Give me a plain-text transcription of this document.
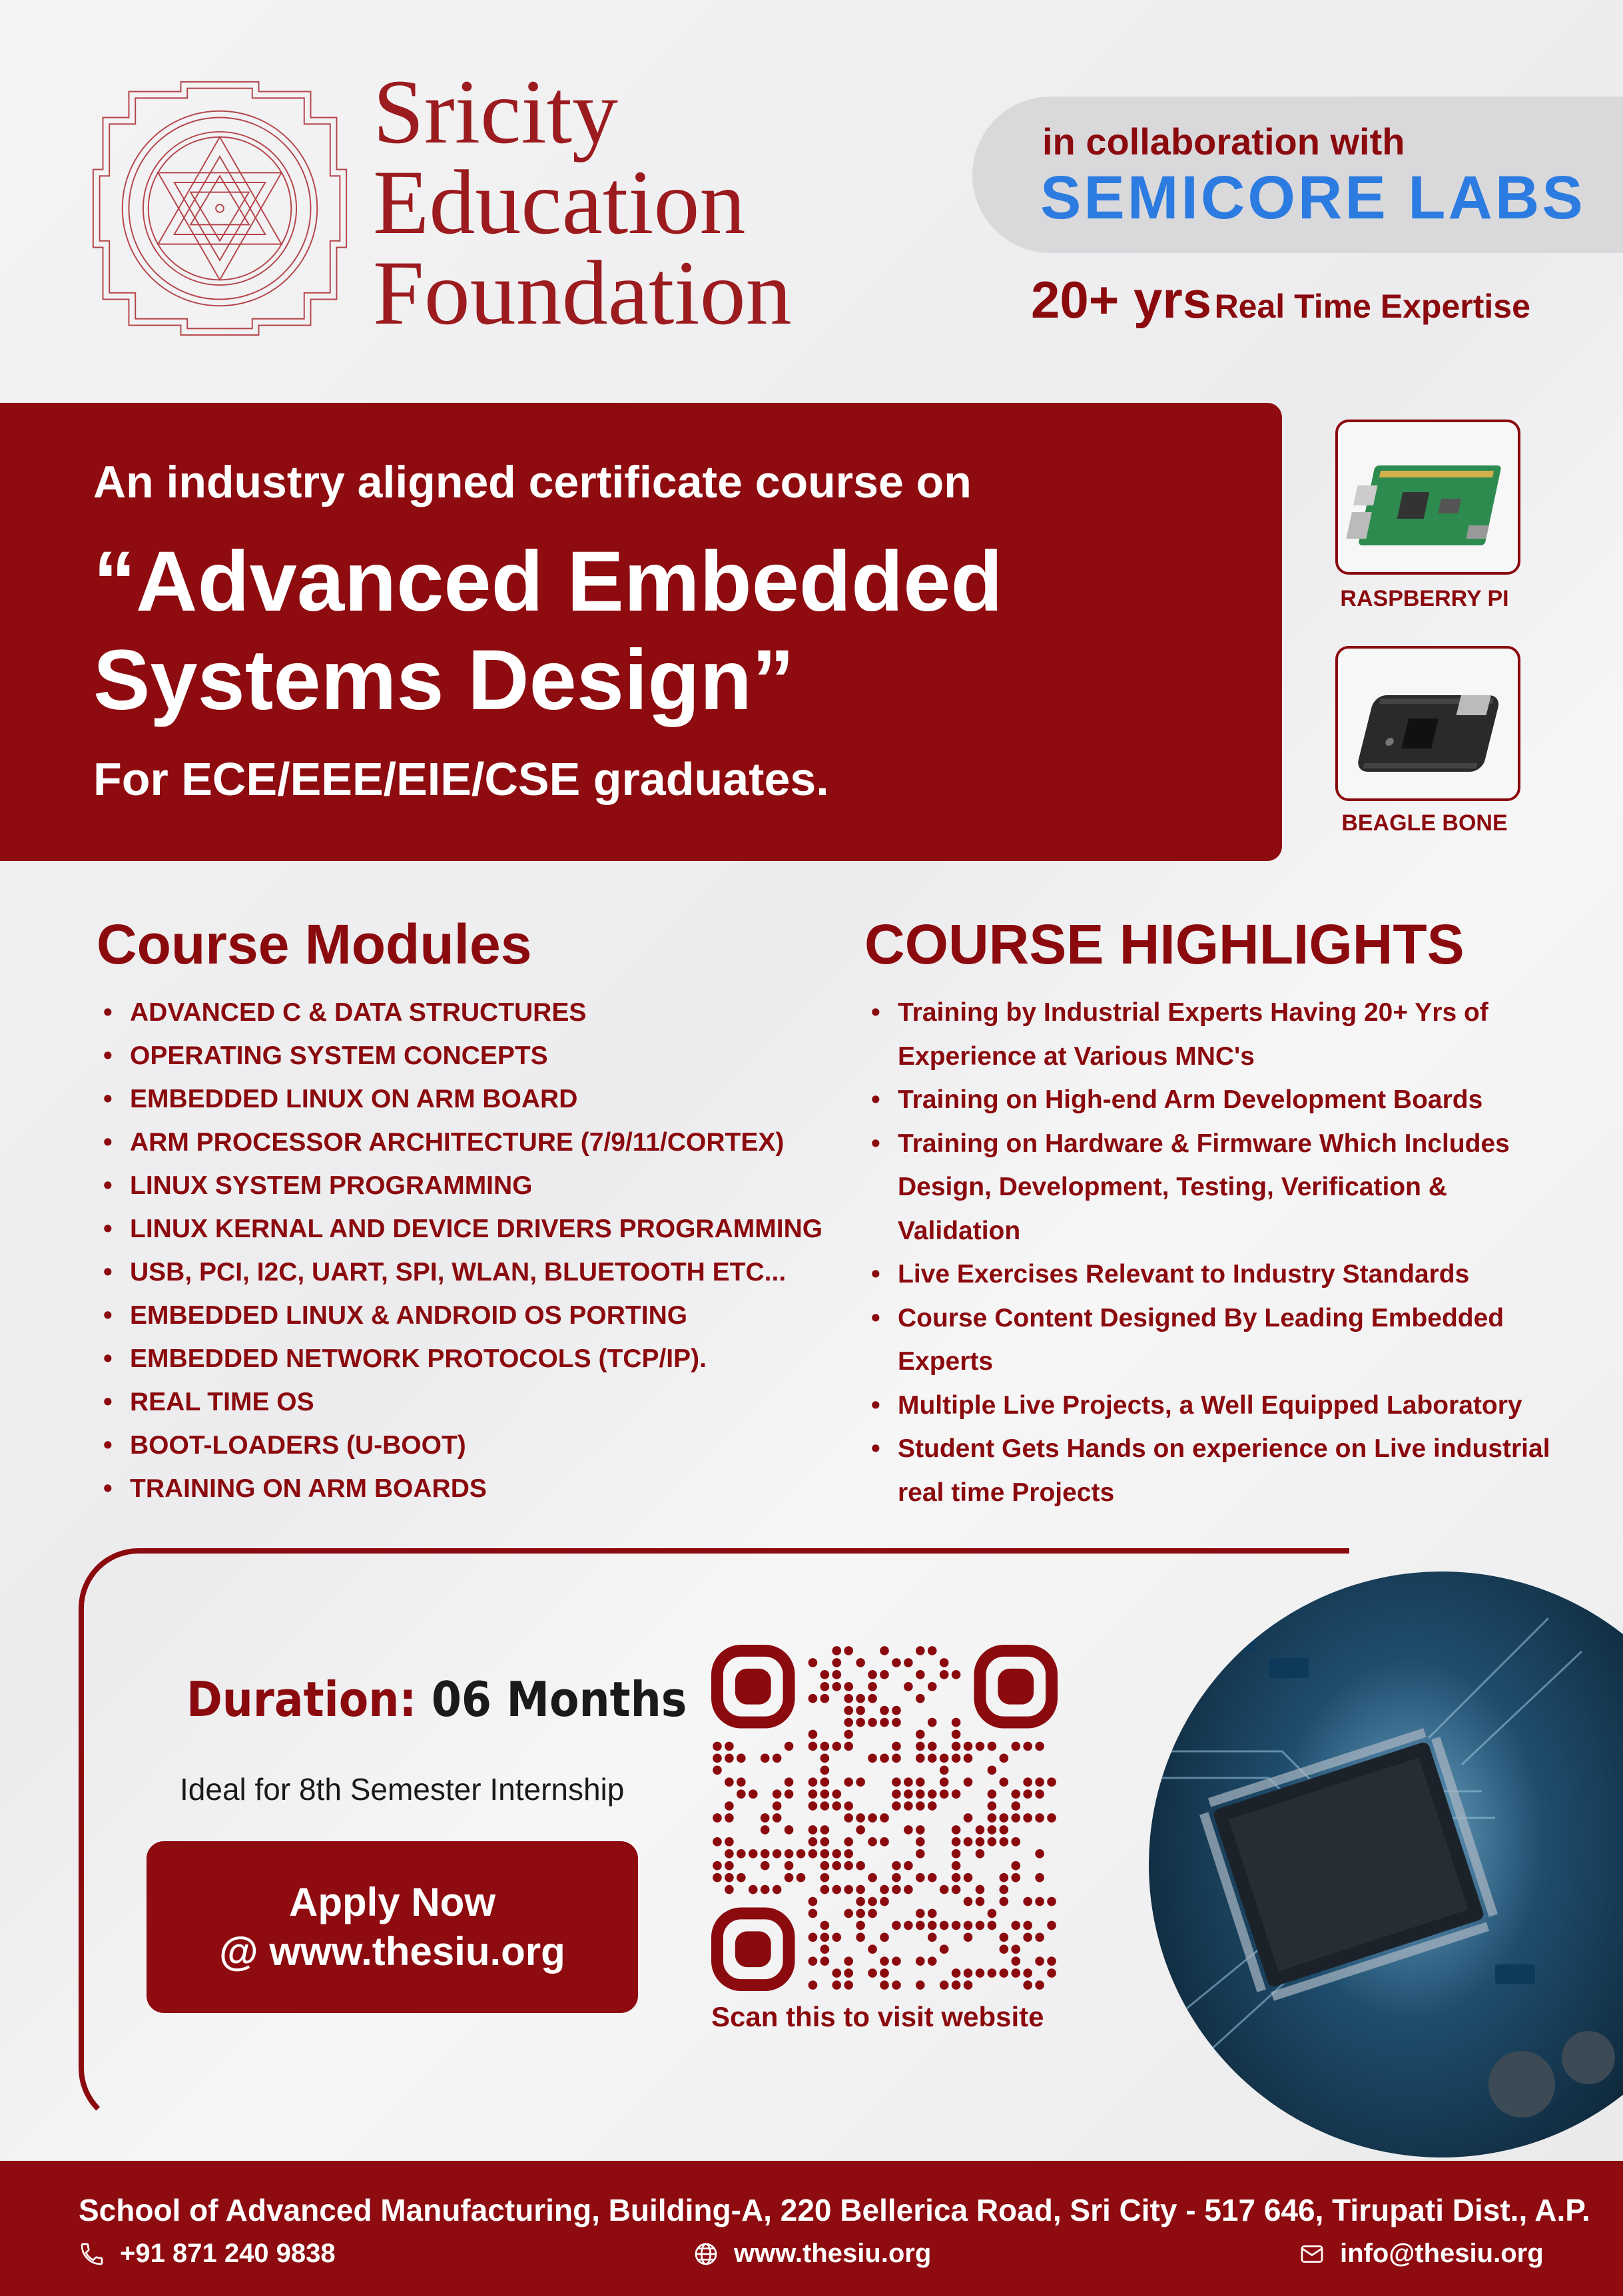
Sricity
Education
Foundation
in collaboration with
SEMICORE LABS
20+ yrs Real Time Expertise
An industry aligned certificate course on
“Advanced Embedded
Systems Design”
For ECE/EEE/EIE/CSE graduates.
RASPBERRY PI
BEAGLE BONE
Course Modules
• ADVANCED C & DATA STRUCTURES
• OPERATING SYSTEM CONCEPTS
• EMBEDDED LINUX ON ARM BOARD
• ARM PROCESSOR ARCHITECTURE (7/9/11/CORTEX)
• LINUX SYSTEM PROGRAMMING
• LINUX KERNAL AND DEVICE DRIVERS PROGRAMMING
• USB, PCI, I2C, UART, SPI, WLAN, BLUETOOTH ETC...
• EMBEDDED LINUX & ANDROID OS PORTING
• EMBEDDED NETWORK PROTOCOLS (TCP/IP).
• REAL TIME OS
• BOOT-LOADERS (U-BOOT)
• TRAINING ON ARM BOARDS
COURSE HIGHLIGHTS
• Training by Industrial Experts Having 20+ Yrs of Experience at Various MNC's
• Training on High-end Arm Development Boards
• Training on Hardware & Firmware Which Includes Design, Development, Testing, Verification & Validation
• Live Exercises Relevant to Industry Standards
• Course Content Designed By Leading Embedded Experts
• Multiple Live Projects, a Well Equipped Laboratory
• Student Gets Hands on experience on Live industrial real time Projects
Duration: 06 Months
Ideal for 8th Semester Internship
Apply Now
@ www.thesiu.org
Scan this to visit website
School of Advanced Manufacturing, Building-A, 220 Bellerica Road, Sri City - 517 646, Tirupati Dist., A.P.
+91 871 240 9838	www.thesiu.org	info@thesiu.org
